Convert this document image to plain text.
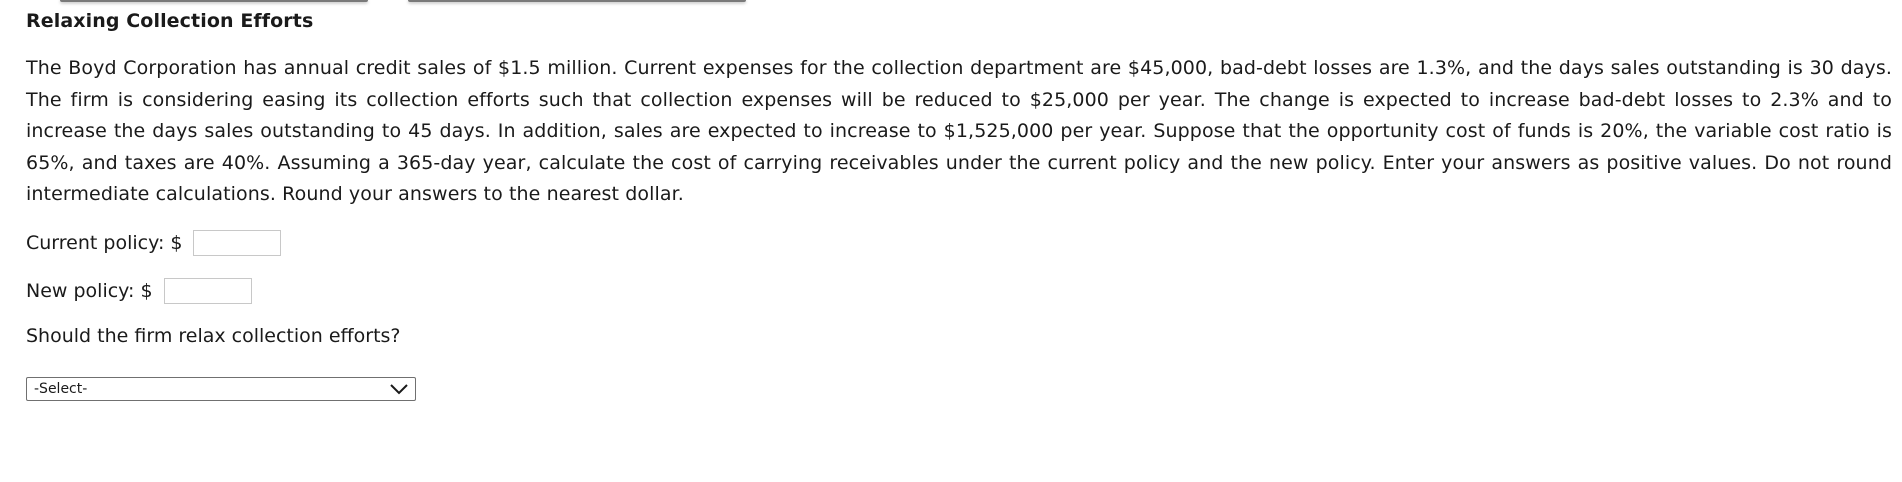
Relaxing Collection Efforts
The Boyd Corporation has annual credit sales of $1.5 million. Current expenses for the collection department are $45,000, bad-debt losses are 1.3%, and the days sales outstanding is 30 days. The firm is considering easing its collection efforts such that collection expenses will be reduced to $25,000 per year. The change is expected to increase bad-debt losses to 2.3% and to increase the days sales outstanding to 45 days. In addition, sales are expected to increase to $1,525,000 per year. Suppose that the opportunity cost of funds is 20%, the variable cost ratio is 65%, and taxes are 40%. Assuming a 365-day year, calculate the cost of carrying receivables under the current policy and the new policy. Enter your answers as positive values. Do not round intermediate calculations. Round your answers to the nearest dollar.
Current policy: $
New policy: $
Should the firm relax collection efforts?
-Select-
